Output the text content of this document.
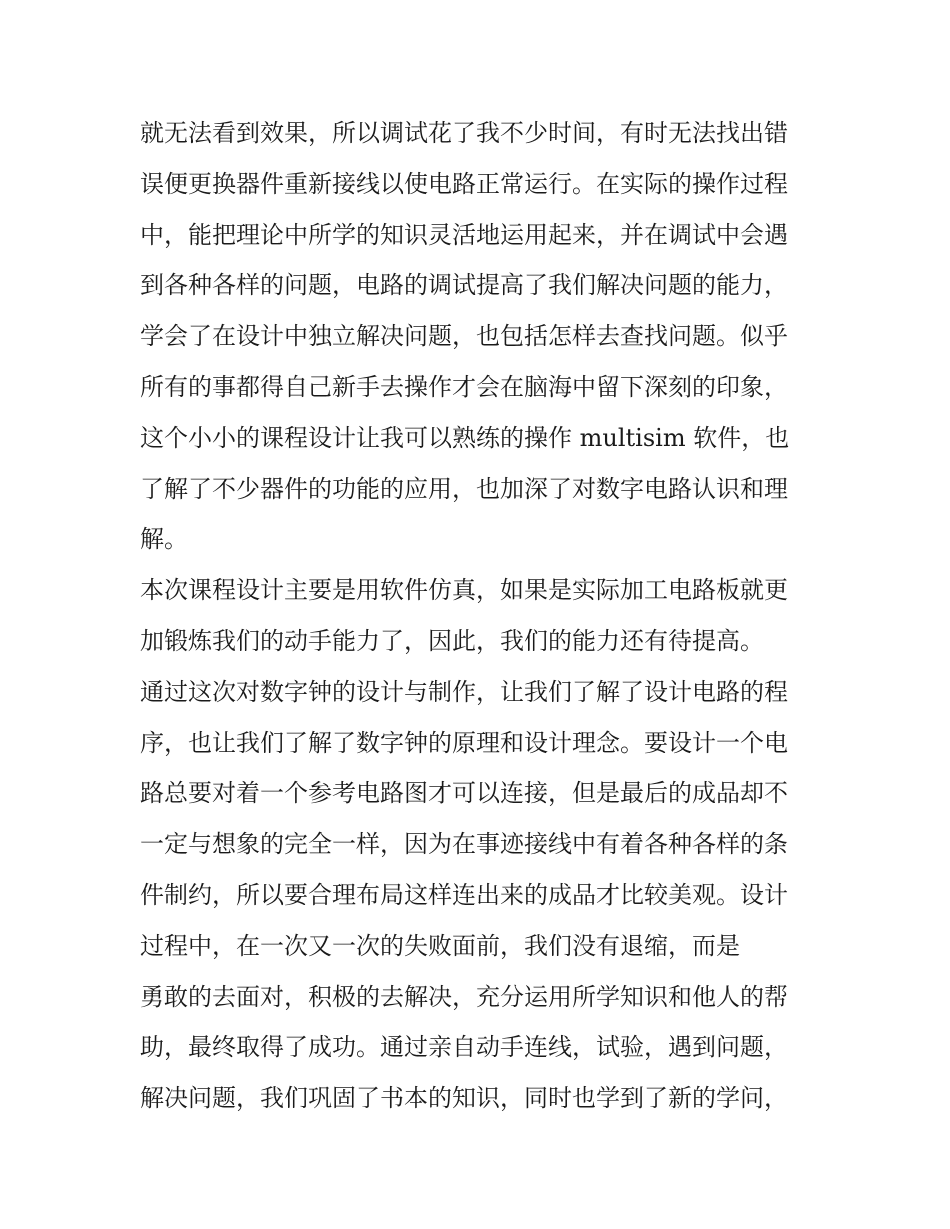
就无法看到效果，所以调试花了我不少时间，有时无法找出错
误便更换器件重新接线以使电路正常运行。在实际的操作过程
中，能把理论中所学的知识灵活地运用起来，并在调试中会遇
到各种各样的问题，电路的调试提高了我们解决问题的能力，
学会了在设计中独立解决问题，也包括怎样去查找问题。似乎
所有的事都得自己新手去操作才会在脑海中留下深刻的印象，
这个小小的课程设计让我可以熟练的操作 multisim 软件，也
了解了不少器件的功能的应用，也加深了对数字电路认识和理
解。
本次课程设计主要是用软件仿真，如果是实际加工电路板就更
加锻炼我们的动手能力了，因此，我们的能力还有待提高。
通过这次对数字钟的设计与制作，让我们了解了设计电路的程
序，也让我们了解了数字钟的原理和设计理念。要设计一个电
路总要对着一个参考电路图才可以连接，但是最后的成品却不
一定与想象的完全一样，因为在事迹接线中有着各种各样的条
件制约，所以要合理布局这样连出来的成品才比较美观。设计
过程中，在一次又一次的失败面前，我们没有退缩，而是
勇敢的去面对，积极的去解决，充分运用所学知识和他人的帮
助，最终取得了成功。通过亲自动手连线，试验，遇到问题，
解决问题，我们巩固了书本的知识，同时也学到了新的学问，
